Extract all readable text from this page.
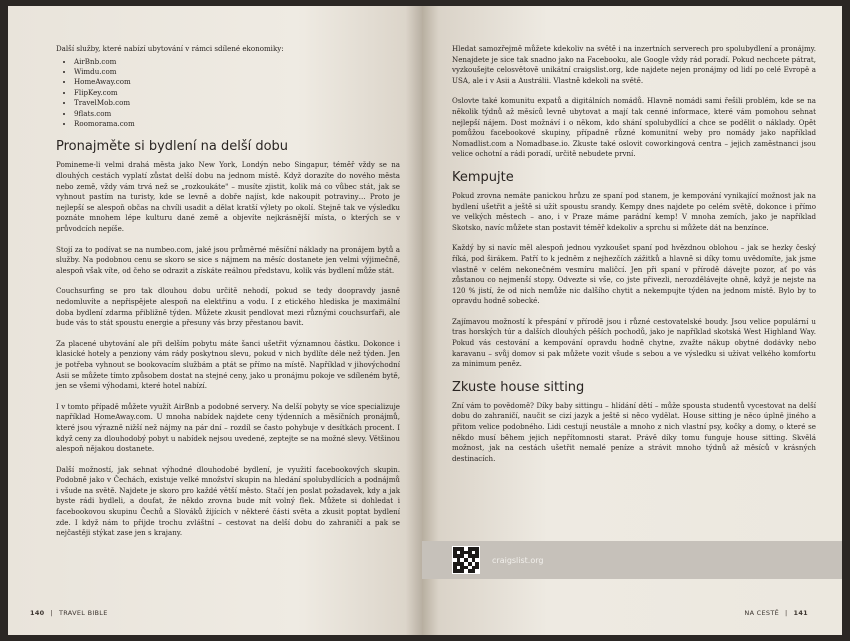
Další služby, které nabízí ubytování v rámci sdílené ekonomiky:

• AirBnb.com
• Wimdu.com
• HomeAway.com
• FlipKey.com
• TravelMob.com
• 9flats.com
• Roomorama.com
Pronajměte si bydlení na delší dobu

Pomineme-li velmi drahá města jako New York, Londýn nebo Singapur, téměř vždy se na dlouhých cestách vyplatí zůstat delší dobu na jednom místě. Když dorazíte do nového města nebo země, vždy vám trvá než se „rozkoukáte" – musíte zjistit, kolik má co vůbec stát, jak se vyhnout pastím na turisty, kde se levně a dobře najíst, kde nakoupit potraviny… Proto je nejlepší se alespoň občas na chvíli usadit a dělat kratší výlety po okolí. Stejně tak ve výsledku poznáte mnohem lépe kulturu dané země a objevíte nejkrásnější místa, o kterých se v průvodcích nepíše.

Stojí za to podívat se na numbeo.com, jaké jsou průměrné měsíční náklady na pronájem bytů a služby. Na podobnou cenu se skoro se sice s nájmem na měsíc dostanete jen velmi výjimečně, alespoň však víte, od čeho se odrazit a získáte reálnou představu, kolik vás bydlení může stát.

Couchsurfing se pro tak dlouhou dobu určitě nehodí, pokud se tedy doopravdy jasně nedomluvíte a nepřispějete alespoň na elektřinu a vodu. I z etického hlediska je maximální doba bydlení zdarma přibližně týden. Můžete zkusit pendlovat mezi různými couchsurfaři, ale bude vás to stát spoustu energie a přesuny vás brzy přestanou bavit.

Za placené ubytování ale při delším pobytu máte šanci ušetřit významnou částku. Dokonce i klasické hotely a penziony vám rády poskytnou slevu, pokud v nich bydlíte déle než týden. Jen je potřeba vyhnout se bookovacím službám a ptát se přímo na místě. Například v jihovýchodní Asii se můžete tímto způsobem dostat na stejné ceny, jako u pronájmu pokoje ve sdíleném bytě, jen se všemi výhodami, které hotel nabízí.

I v tomto případě můžete využít AirBnb a podobné servery. Na delší pobyty se více specializuje například HomeAway.com. U mnoha nabídek najdete ceny týdenních a měsíčních pronájmů, které jsou výrazně nižší než nájmy na pár dní – rozdíl se často pohybuje v desítkách procent. I když ceny za dlouhodobý pobyt u nabídek nejsou uvedené, zeptejte se na možné slevy. Většinou alespoň nějakou dostanete.

Další možností, jak sehnat výhodné dlouhodobé bydlení, je využití facebookových skupin. Podobně jako v Čechách, existuje velké množství skupin na hledání spolubydlících a podnájmů i všude na světě. Najdete je skoro pro každé větší město. Stačí jen poslat požadavek, kdy a jak byste rádi bydleli, a doufat, že někdo zrovna bude mít volný flek. Můžete si dohledat i facebookovou skupinu Čechů a Slováků žijících v některé části světa a zkusit poptat bydlení zde. I když nám to přijde trochu zvláštní – cestovat na delší dobu do zahraničí a pak se nejčastěji stýkat zase jen s krajany.

140 | TRAVEL BIBLE

Hledat samozřejmě můžete kdekoliv na světě i na inzertních serverech pro spolubydlení a pronájmy. Nenajdete je sice tak snadno jako na Facebooku, ale Google vždy rád poradí. Pokud nechcete pátrat, vyzkoušejte celosvětově unikátní craigslist.org, kde najdete nejen pronájmy od lidí po celé Evropě a USA, ale i v Asii a Austrálii. Vlastně kdekoli na světě.

Oslovte také komunitu expatů a digitálních nomádů. Hlavně nomádi sami řešili problém, kde se na několik týdnů až měsíců levně ubytovat a mají tak cenné informace, které vám pomohou sehnat nejlepší nájem. Dost možnáví i o někom, kdo shání spolubydlící a chce se podělit o náklady. Opět pomůžou facebookové skupiny, případně různé komunitní weby pro nomády jako například Nomadlist.com a Nomadbase.io. Zkuste také oslovit coworkingová centra – jejich zaměstnanci jsou velice ochotní a rádi poradí, určitě nebudete první.

Kempujte

Pokud zrovna nemáte panickou hrůzu ze spaní pod stanem, je kempování vynikající možnost jak na bydlení ušetřit a ještě si užít spoustu srandy. Kempy dnes najdete po celém světě, dokonce i přímo ve velkých městech – ano, i v Praze máme parádní kemp! V mnoha zemích, jako je například Skotsko, navíc můžete stan postavit téměř kdekoliv a sprchu si můžete dát na benzínce.

Každý by si navíc měl alespoň jednou vyzkoušet spaní pod hvězdnou oblohou – jak se hezky český říká, pod širákem. Patří to k jedněm z nejhezčích zážitků a hlavně si díky tomu uvědomíte, jak jsme vlastně v celém nekonečném vesmíru maličcí. Jen při spaní v přírodě dávejte pozor, ať po vás zůstanou co nejmenší stopy. Odvezte si vše, co jste přivezli, nerozdělávejte ohně, když je nejste na 120 % jistí, že od nich nemůže nic dalšího chytit a nekempujte týden na jednom místě. Bylo by to opravdu hodně sobecké.

Zajímavou možností k přespání v přírodě jsou i různé cestovatelské boudy. Jsou velice populární u tras horských túr a dalších dlouhých pěších pochodů, jako je například skotská West Highland Way. Pokud vás cestování a kempování opravdu hodně chytne, zvažte nákup obytné dodávky nebo karavanu – svůj domov si pak můžete vozit všude s sebou a ve výsledku si užívat velkého komfortu za minimum peněz.

Zkuste house sitting

Zní vám to povědomě? Díky baby sittingu – hlídání dětí – může spousta studentů vycestovat na delší dobu do zahraničí, naučit se cizí jazyk a ještě si něco vydělat. House sitting je něco úplně jiného a přitom velice podobného. Lidi cestují neustále a mnoho z nich vlastní psy, kočky a domy, o které se někdo musí během jejich nepřítomnosti starat. Právě díky tomu funguje house sitting. Skvělá možnost, jak na cestách ušetřit nemalé peníze a strávit mnoho týdnů až měsíců v krásných destinacích.

craigslist.org
NA CESTĚ | 141
